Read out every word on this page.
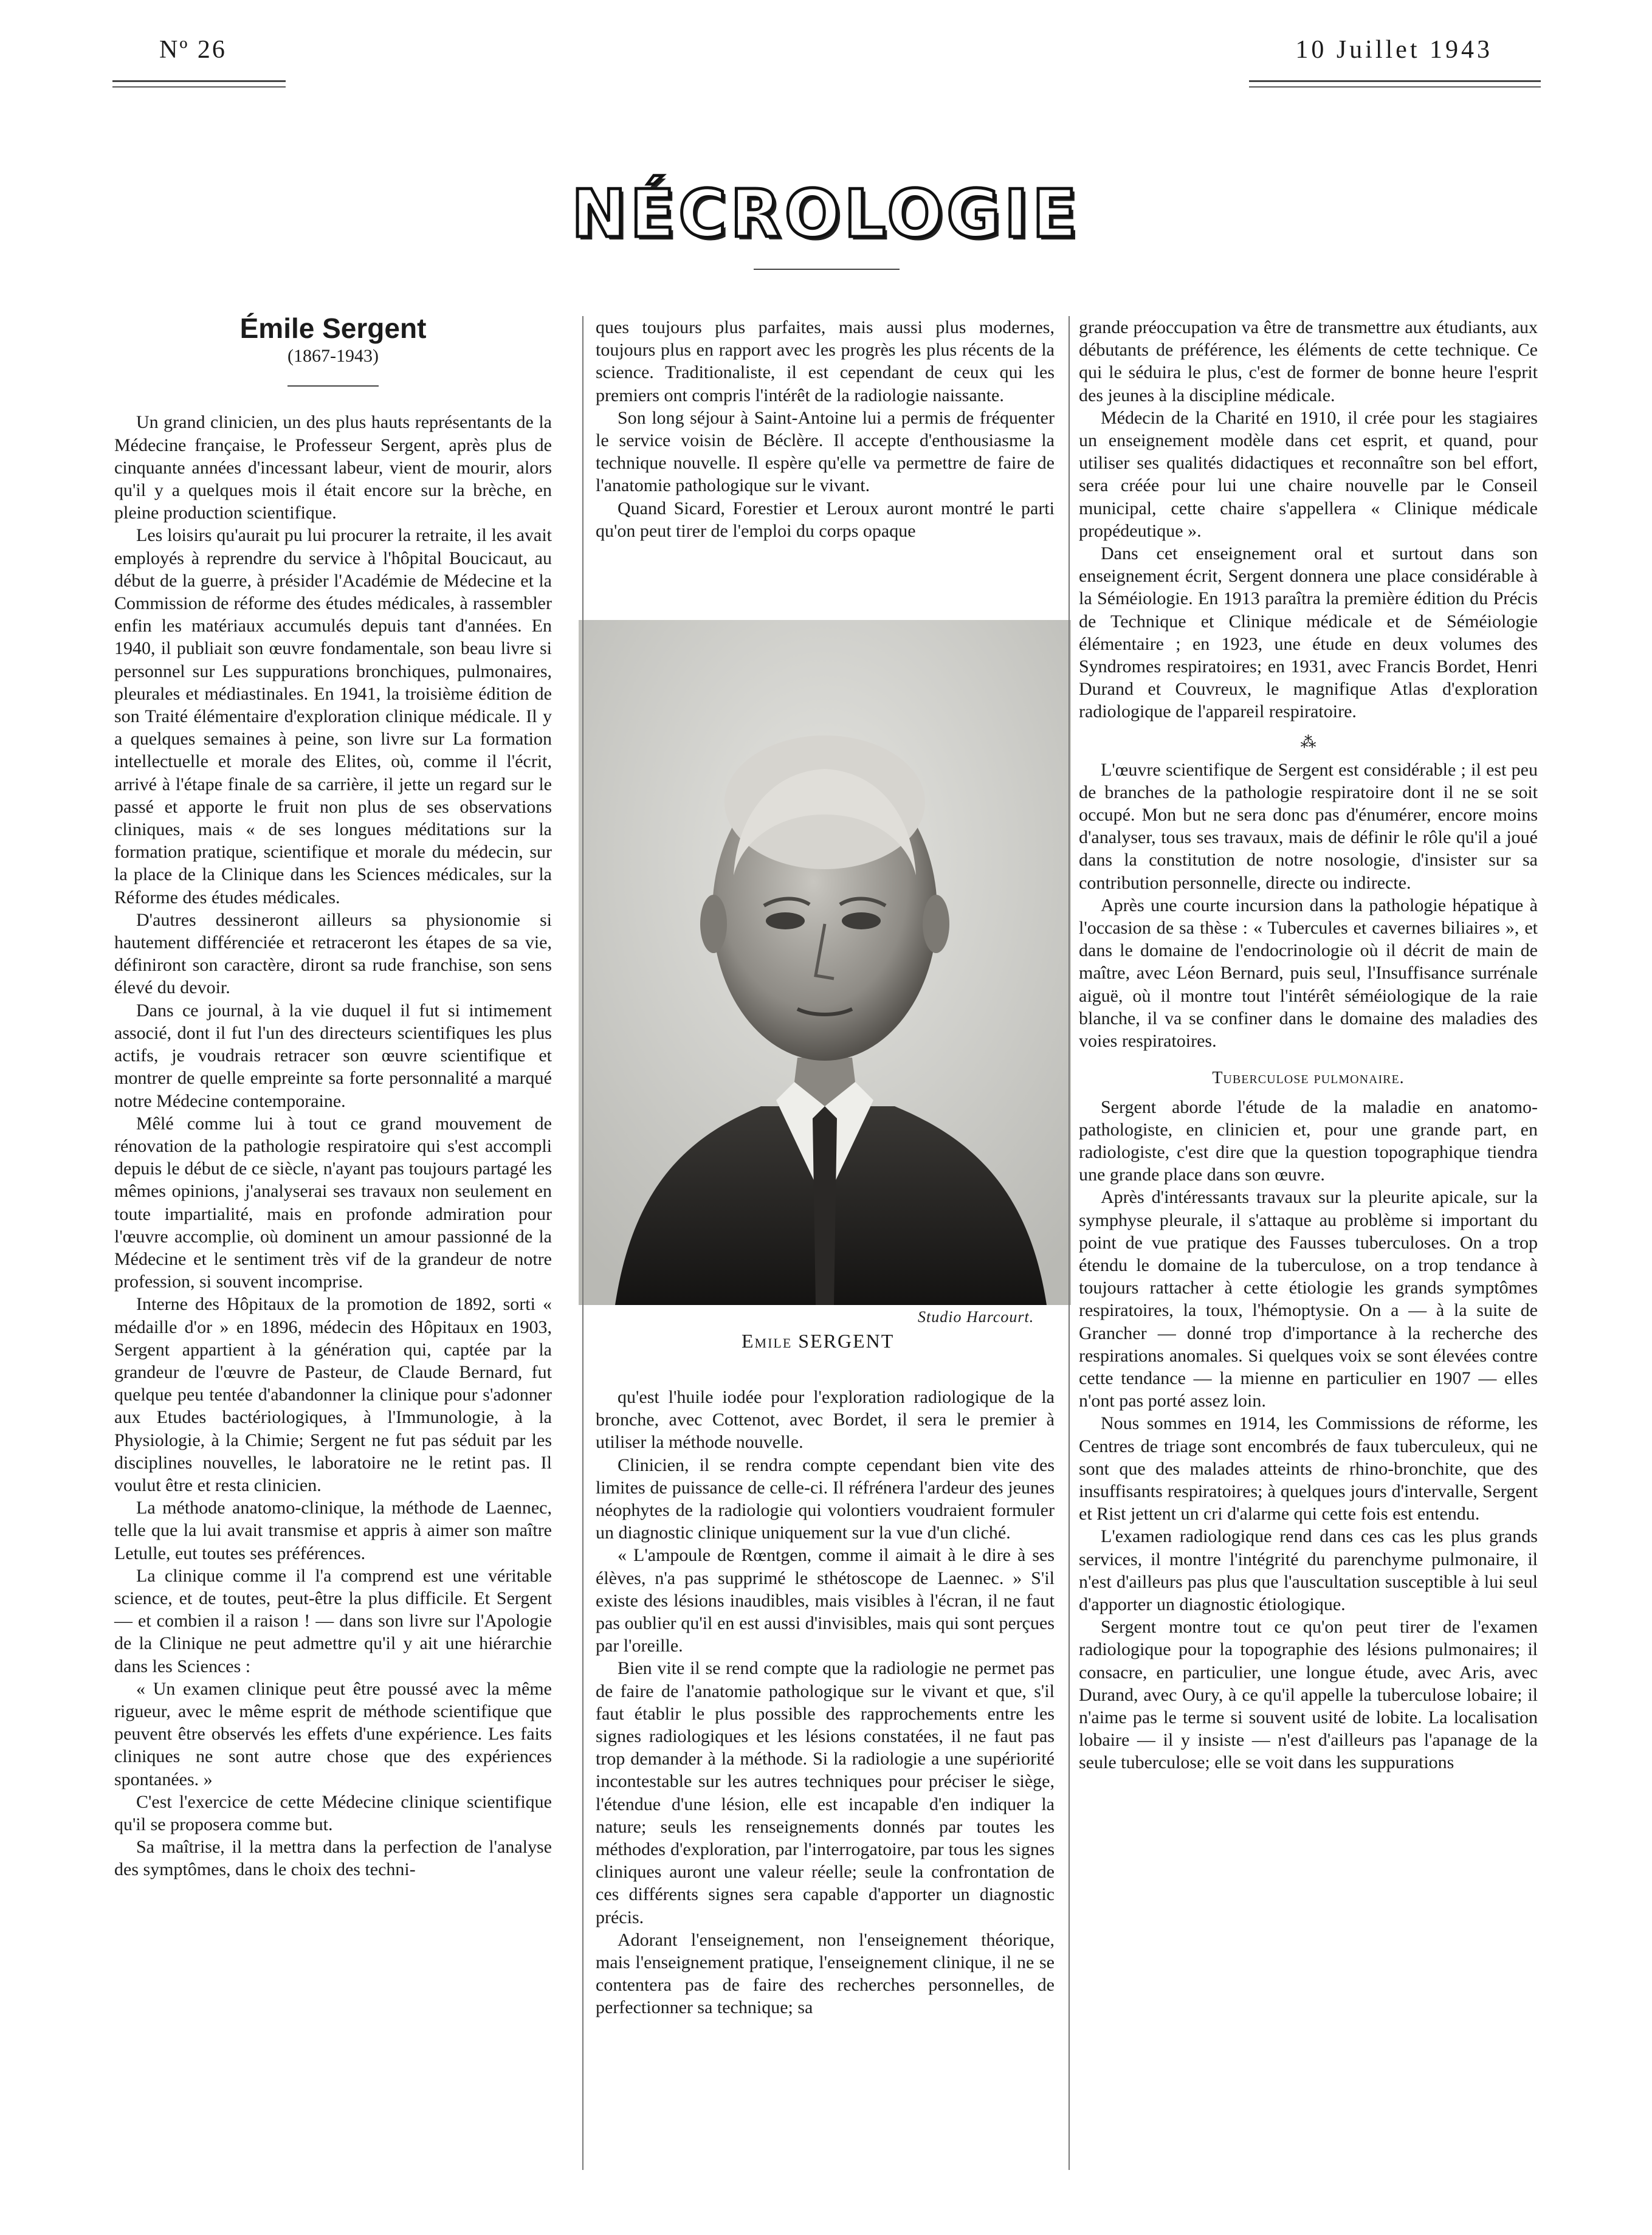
Nº 26	10 Juillet 1943
NÉCROLOGIE
Émile Sergent
(1867-1943)

Un grand clinicien, un des plus hauts représentants de la Médecine française, le Professeur Sergent, après plus de cinquante années d'incessant labeur, vient de mourir, alors qu'il y a quelques mois il était encore sur la brèche, en pleine production scientifique.

Les loisirs qu'aurait pu lui procurer la retraite, il les avait employés à reprendre du service à l'hôpital Boucicaut, au début de la guerre, à présider l'Académie de Médecine et la Commission de réforme des études médicales, à rassembler enfin les matériaux accumulés depuis tant d'années. En 1940, il publiait son œuvre fondamentale, son beau livre si personnel sur Les suppurations bronchiques, pulmonaires, pleurales et médiastinales. En 1941, la troisième édition de son Traité élémentaire d'exploration clinique médicale. Il y a quelques semaines à peine, son livre sur La formation intellectuelle et morale des Elites, où, comme il l'écrit, arrivé à l'étape finale de sa carrière, il jette un regard sur le passé et apporte le fruit non plus de ses observations cliniques, mais « de ses longues méditations sur la formation pratique, scientifique et morale du médecin, sur la place de la Clinique dans les Sciences médicales, sur la Réforme des études médicales.

D'autres dessineront ailleurs sa physionomie si hautement différenciée et retraceront les étapes de sa vie, définiront son caractère, diront sa rude franchise, son sens élevé du devoir.

Dans ce journal, à la vie duquel il fut si intimement associé, dont il fut l'un des directeurs scientifiques les plus actifs, je voudrais retracer son œuvre scientifique et montrer de quelle empreinte sa forte personnalité a marqué notre Médecine contemporaine.

Mêlé comme lui à tout ce grand mouvement de rénovation de la pathologie respiratoire qui s'est accompli depuis le début de ce siècle, n'ayant pas toujours partagé les mêmes opinions, j'analyserai ses travaux non seulement en toute impartialité, mais en profonde admiration pour l'œuvre accomplie, où dominent un amour passionné de la Médecine et le sentiment très vif de la grandeur de notre profession, si souvent incomprise.

Interne des Hôpitaux de la promotion de 1892, sorti « médaille d'or » en 1896, médecin des Hôpitaux en 1903, Sergent appartient à la génération qui, captée par la grandeur de l'œuvre de Pasteur, de Claude Bernard, fut quelque peu tentée d'abandonner la clinique pour s'adonner aux Etudes bactériologiques, à l'Immunologie, à la Physiologie, à la Chimie; Sergent ne fut pas séduit par les disciplines nouvelles, le laboratoire ne le retint pas. Il voulut être et resta clinicien.

La méthode anatomo-clinique, la méthode de Laennec, telle que la lui avait transmise et appris à aimer son maître Letulle, eut toutes ses préférences.

La clinique comme il l'a comprend est une véritable science, et de toutes, peut-être la plus difficile. Et Sergent — et combien il a raison ! — dans son livre sur l'Apologie de la Clinique ne peut admettre qu'il y ait une hiérarchie dans les Sciences :

« Un examen clinique peut être poussé avec la même rigueur, avec le même esprit de méthode scientifique que peuvent être observés les effets d'une expérience. Les faits cliniques ne sont autre chose que des expériences spontanées. »

C'est l'exercice de cette Médecine clinique scientifique qu'il se proposera comme but.

Sa maîtrise, il la mettra dans la perfection de l'analyse des symptômes, dans le choix des techni-

ques toujours plus parfaites, mais aussi plus modernes, toujours plus en rapport avec les progrès les plus récents de la science. Traditionaliste, il est cependant de ceux qui les premiers ont compris l'intérêt de la radiologie naissante.

Son long séjour à Saint-Antoine lui a permis de fréquenter le service voisin de Béclère. Il accepte d'enthousiasme la technique nouvelle. Il espère qu'elle va permettre de faire de l'anatomie pathologique sur le vivant.

Quand Sicard, Forestier et Leroux auront montré le parti qu'on peut tirer de l'emploi du corps opaque

Studio Harcourt.
Emile SERGENT

qu'est l'huile iodée pour l'exploration radiologique de la bronche, avec Cottenot, avec Bordet, il sera le premier à utiliser la méthode nouvelle.

Clinicien, il se rendra compte cependant bien vite des limites de puissance de celle-ci. Il réfrénera l'ardeur des jeunes néophytes de la radiologie qui volontiers voudraient formuler un diagnostic clinique uniquement sur la vue d'un cliché.

« L'ampoule de Rœntgen, comme il aimait à le dire à ses élèves, n'a pas supprimé le sthétoscope de Laennec. » S'il existe des lésions inaudibles, mais visibles à l'écran, il ne faut pas oublier qu'il en est aussi d'invisibles, mais qui sont perçues par l'oreille.

Bien vite il se rend compte que la radiologie ne permet pas de faire de l'anatomie pathologique sur le vivant et que, s'il faut établir le plus possible des rapprochements entre les signes radiologiques et les lésions constatées, il ne faut pas trop demander à la méthode. Si la radiologie a une supériorité incontestable sur les autres techniques pour préciser le siège, l'étendue d'une lésion, elle est incapable d'en indiquer la nature; seuls les renseignements donnés par toutes les méthodes d'exploration, par l'interrogatoire, par tous les signes cliniques auront une valeur réelle; seule la confrontation de ces différents signes sera capable d'apporter un diagnostic précis.

Adorant l'enseignement, non l'enseignement théorique, mais l'enseignement pratique, l'enseignement clinique, il ne se contentera pas de faire des recherches personnelles, de perfectionner sa technique; sa

grande préoccupation va être de transmettre aux étudiants, aux débutants de préférence, les éléments de cette technique. Ce qui le séduira le plus, c'est de former de bonne heure l'esprit des jeunes à la discipline médicale.

Médecin de la Charité en 1910, il crée pour les stagiaires un enseignement modèle dans cet esprit, et quand, pour utiliser ses qualités didactiques et reconnaître son bel effort, sera créée pour lui une chaire nouvelle par le Conseil municipal, cette chaire s'appellera « Clinique médicale propédeutique ».

Dans cet enseignement oral et surtout dans son enseignement écrit, Sergent donnera une place considérable à la Séméiologie. En 1913 paraîtra la première édition du Précis de Technique et Clinique médicale et de Séméiologie élémentaire ; en 1923, une étude en deux volumes des Syndromes respiratoires; en 1931, avec Francis Bordet, Henri Durand et Couvreux, le magnifique Atlas d'exploration radiologique de l'appareil respiratoire.

⁂

L'œuvre scientifique de Sergent est considérable ; il est peu de branches de la pathologie respiratoire dont il ne se soit occupé. Mon but ne sera donc pas d'énumérer, encore moins d'analyser, tous ses travaux, mais de définir le rôle qu'il a joué dans la constitution de notre nosologie, d'insister sur sa contribution personnelle, directe ou indirecte.

Après une courte incursion dans la pathologie hépatique à l'occasion de sa thèse : « Tubercules et cavernes biliaires », et dans le domaine de l'endocrinologie où il décrit de main de maître, avec Léon Bernard, puis seul, l'Insuffisance surrénale aiguë, où il montre tout l'intérêt séméiologique de la raie blanche, il va se confiner dans le domaine des maladies des voies respiratoires.

Tuberculose pulmonaire.

Sergent aborde l'étude de la maladie en anatomo-pathologiste, en clinicien et, pour une grande part, en radiologiste, c'est dire que la question topographique tiendra une grande place dans son œuvre.

Après d'intéressants travaux sur la pleurite apicale, sur la symphyse pleurale, il s'attaque au problème si important du point de vue pratique des Fausses tuberculoses. On a trop étendu le domaine de la tuberculose, on a trop tendance à toujours rattacher à cette étiologie les grands symptômes respiratoires, la toux, l'hémoptysie. On a — à la suite de Grancher — donné trop d'importance à la recherche des respirations anomales. Si quelques voix se sont élevées contre cette tendance — la mienne en particulier en 1907 — elles n'ont pas porté assez loin.

Nous sommes en 1914, les Commissions de réforme, les Centres de triage sont encombrés de faux tuberculeux, qui ne sont que des malades atteints de rhino-bronchite, que des insuffisants respiratoires; à quelques jours d'intervalle, Sergent et Rist jettent un cri d'alarme qui cette fois est entendu.

L'examen radiologique rend dans ces cas les plus grands services, il montre l'intégrité du parenchyme pulmonaire, il n'est d'ailleurs pas plus que l'auscultation susceptible à lui seul d'apporter un diagnostic étiologique.

Sergent montre tout ce qu'on peut tirer de l'examen radiologique pour la topographie des lésions pulmonaires; il consacre, en particulier, une longue étude, avec Aris, avec Durand, avec Oury, à ce qu'il appelle la tuberculose lobaire; il n'aime pas le terme si souvent usité de lobite. La localisation lobaire — il y insiste — n'est d'ailleurs pas l'apanage de la seule tuberculose; elle se voit dans les suppurations
